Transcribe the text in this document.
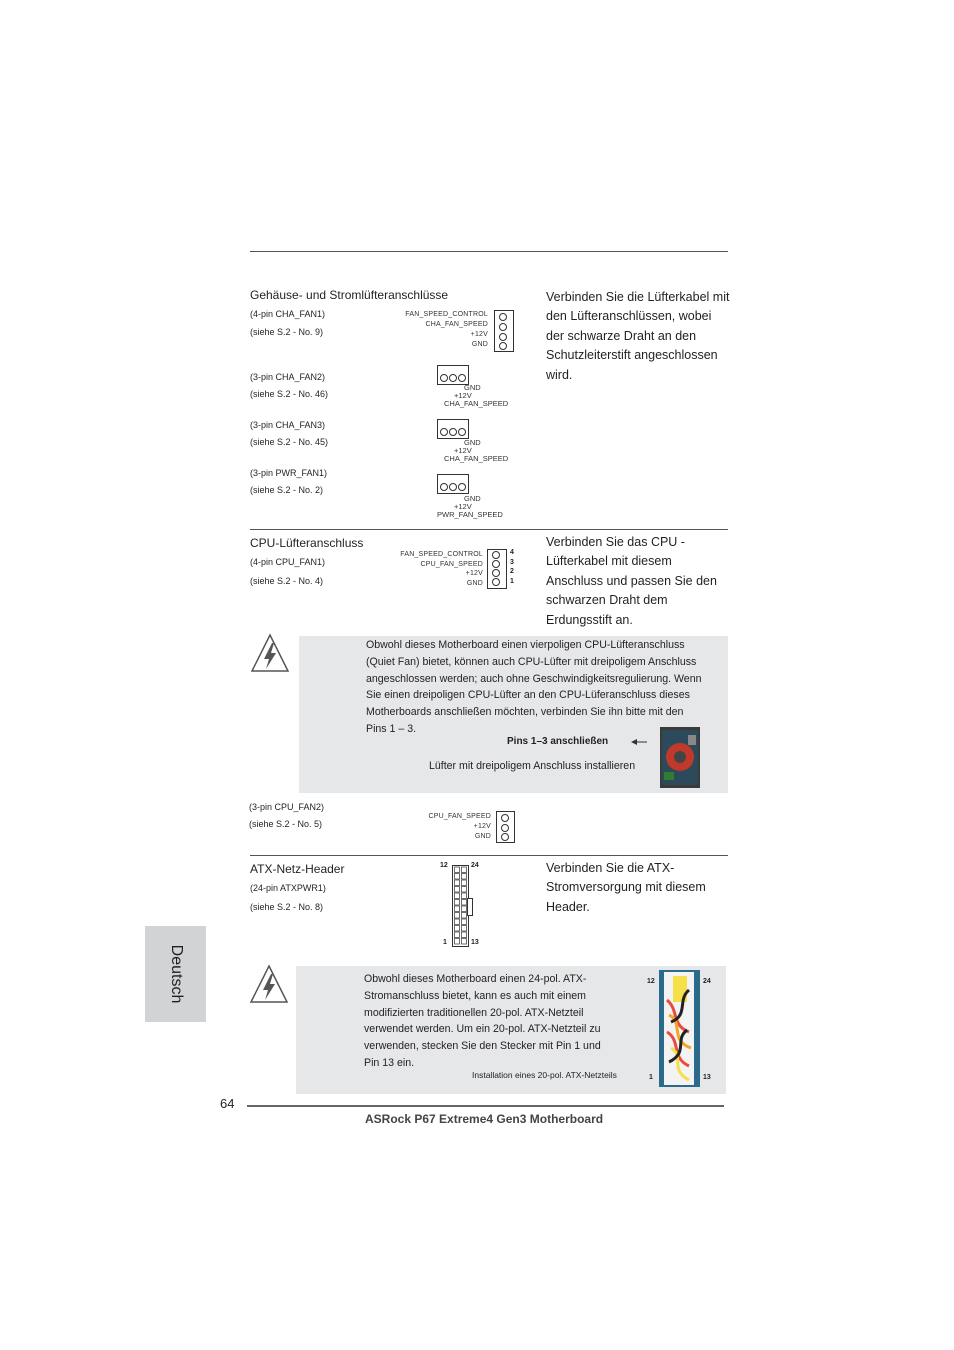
Gehäuse- und Stromlüfteranschlüsse	Verbinden Sie die Lüfterkabel mit
den Lüfteranschlüssen, wobei
der schwarze Draht an den
Schutzleiterstift angeschlossen
wird.
(4-pin CHA_FAN1)
(siehe S.2 - No. 9)
FAN_SPEED_CONTROL
CHA_FAN_SPEED
+12V
GND
(3-pin CHA_FAN2)
(siehe S.2 - No. 46)
GND
+12V
CHA_FAN_SPEED
(3-pin CHA_FAN3)
(siehe S.2 - No. 45)	GND
+12V
CHA_FAN_SPEED
(3-pin PWR_FAN1)
(siehe S.2 - No. 2)
GND
+12V
PWR_FAN_SPEED
CPU-Lüfteranschluss
(4-pin CPU_FAN1)
(siehe S.2 - No. 4)
FAN_SPEED_CONTROL
CPU_FAN_SPEED
+12V
GND
4
3
2
1
Verbinden Sie das CPU -
Lüfterkabel mit diesem
Anschluss und passen Sie den
schwarzen Draht dem
Erdungsstift an.
Obwohl dieses Motherboard einen vierpoligen CPU-Lüfteranschluss
(Quiet Fan) bietet, können auch CPU-Lüfter mit dreipoligem Anschluss
angeschlossen werden; auch ohne Geschwindigkeitsregulierung. Wenn
Sie einen dreipoligen CPU-Lüfter an den CPU-Lüferanschluss dieses
Motherboards anschließen möchten, verbinden Sie ihn bitte mit den
Pins 1 – 3.
Pins 1–3 anschließen
Lüfter mit dreipoligem Anschluss installieren
(3-pin CPU_FAN2)
(siehe S.2 - No. 5)
CPU_FAN_SPEED
+12V
GND
ATX-Netz-Header
(24-pin ATXPWR1)
(siehe S.2 - No. 8)
12	24
1	13
Verbinden Sie die ATX-
Stromversorgung mit diesem
Header.
Obwohl dieses Motherboard einen 24-pol. ATX-
Stromanschluss bietet, kann es auch mit einem
modifizierten traditionellen 20-pol. ATX-Netzteil
verwendet werden. Um ein 20-pol. ATX-Netzteil zu
verwenden, stecken Sie den Stecker mit Pin 1 und
Pin 13 ein.
Installation eines 20-pol. ATX-Netzteils
12	24
1	13
Deutsch
64
ASRock P67 Extreme4 Gen3 Motherboard
